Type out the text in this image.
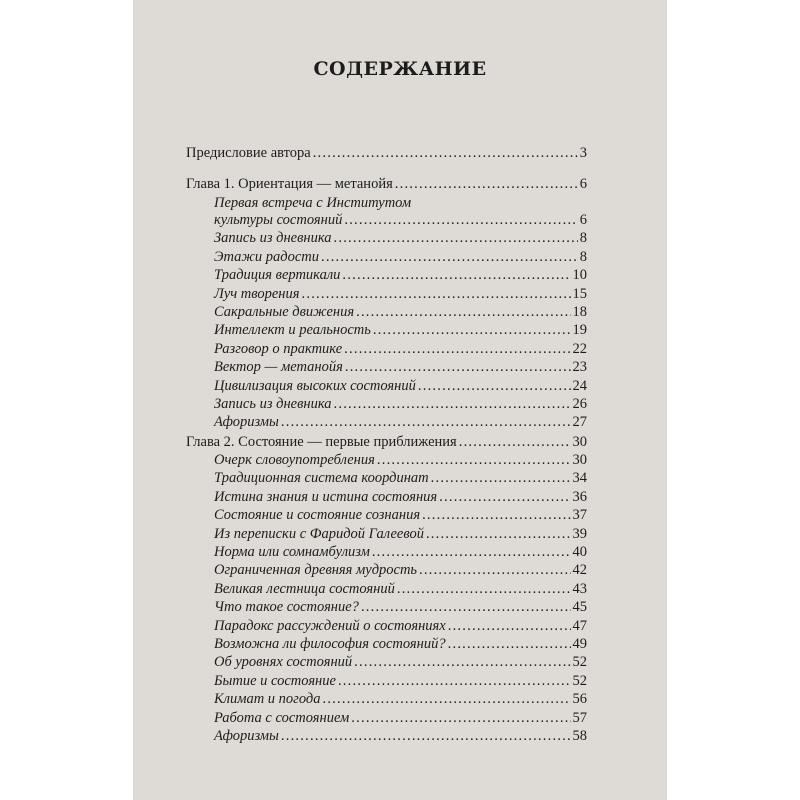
СОДЕРЖАНИЕ
Предисловие автора . . .	3
Глава 1. Ориентация — метанойя . . .	6
Первая встреча с Институтом
культуры состояний . . .	6
Запись из дневника . . .	8
Этажи радости . . .	8
Традиция вертикали . . .	10
Луч творения . . .	15
Сакральные движения . . .	18
Интеллект и реальность . . .	19
Разговор о практике . . .	22
Вектор — метанойя . . .	23
Цивилизация высоких состояний . . .	24
Запись из дневника . . .	26
Афоризмы . . .	27
Глава 2. Состояние — первые приближения . . .	30
Очерк словоупотребления . . .	30
Традиционная система координат . . .	34
Истина знания и истина состояния . . .	36
Состояние и состояние сознания . . .	37
Из переписки с Фаридой Галеевой . . .	39
Норма или сомнамбулизм . . .	40
Ограниченная древняя мудрость . . .	42
Великая лестница состояний . . .	43
Что такое состояние? . . .	45
Парадокс рассуждений о состояниях . . .	47
Возможна ли философия состояний? . . .	49
Об уровнях состояний . . .	52
Бытие и состояние . . .	52
Климат и погода . . .	56
Работа с состоянием . . .	57
Афоризмы . . .	58
